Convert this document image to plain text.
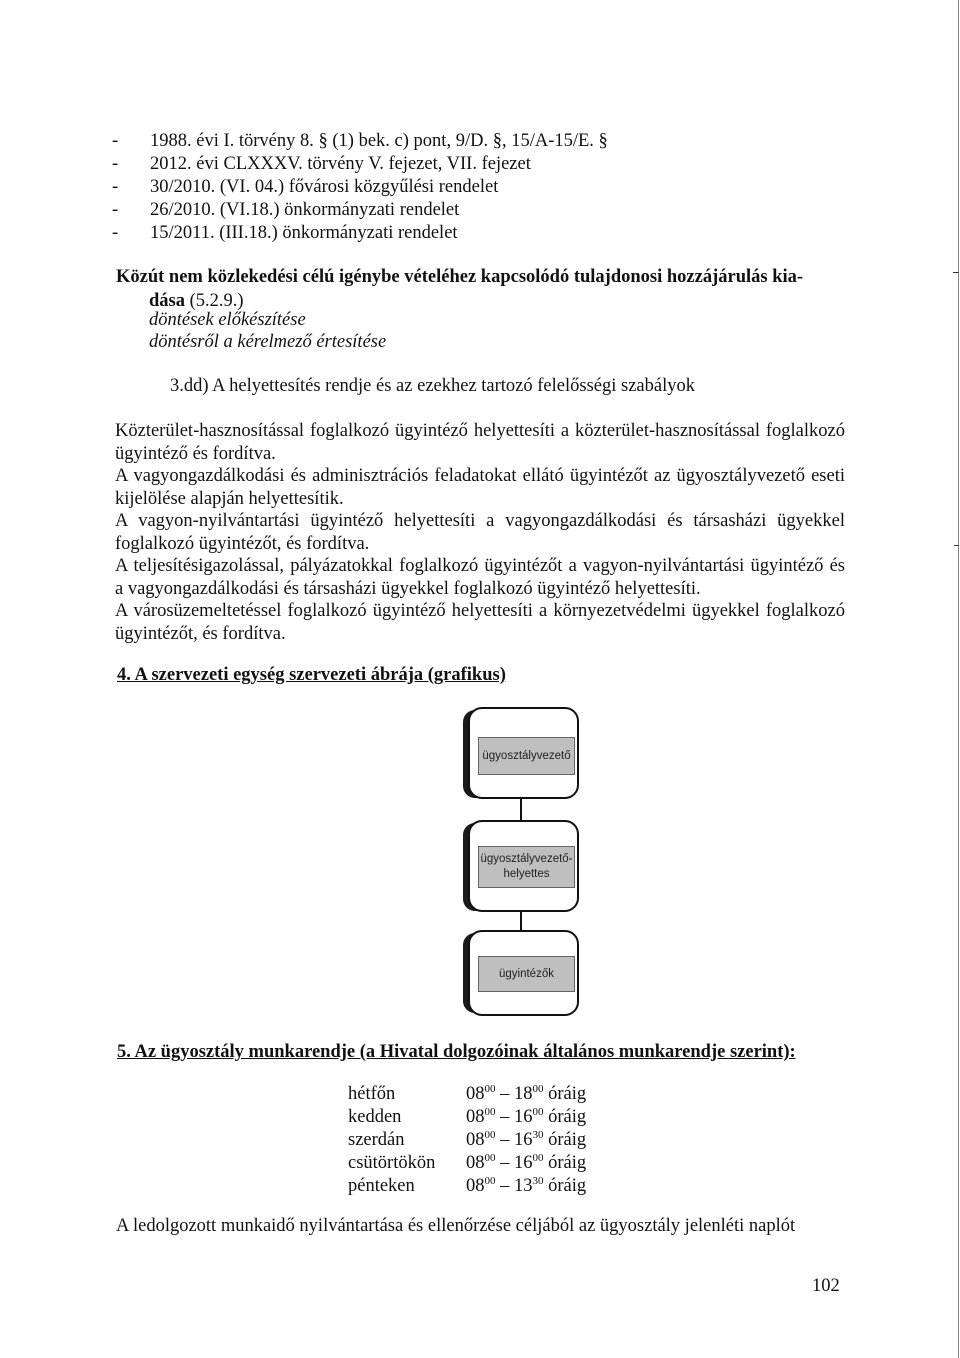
- 1988. évi I. törvény 8. § (1) bek. c) pont, 9/D. §, 15/A-15/E. §
- 2012. évi CLXXXV. törvény V. fejezet, VII. fejezet
- 30/2010. (VI. 04.) fővárosi közgyűlési rendelet
- 26/2010. (VI.18.) önkormányzati rendelet
- 15/2011. (III.18.) önkormányzati rendelet
Közút nem közlekedési célú igénybe vételéhez kapcsolódó tulajdonosi hozzájárulás kia-
dása (5.2.9.)
döntések előkészítése
döntésről a kérelmező értesítése
3.dd) A helyettesítés rendje és az ezekhez tartozó felelősségi szabályok

Közterület-hasznosítással foglalkozó ügyintéző helyettesíti a közterület-hasznosítással foglalkozó ügyintéző és fordítva.

A vagyongazdálkodási és adminisztrációs feladatokat ellátó ügyintézőt az ügyosztályvezető eseti kijelölése alapján helyettesítik.

A vagyon-nyilvántartási ügyintéző helyettesíti a vagyongazdálkodási és társasházi ügyekkel foglalkozó ügyintézőt, és fordítva.

A teljesítésigazolással, pályázatokkal foglalkozó ügyintézőt a vagyon-nyilvántartási ügyintéző és a vagyongazdálkodási és társasházi ügyekkel foglalkozó ügyintéző helyettesíti.

A városüzemeltetéssel foglalkozó ügyintéző helyettesíti a környezetvédelmi ügyekkel foglalkozó ügyintézőt, és fordítva.

4. A szervezeti egység szervezeti ábrája (grafikus)
ügyosztályvezető
ügyosztályvezető-
helyettes
ügyintézők
5. Az ügyosztály munkarendje (a Hivatal dolgozóinak általános munkarendje szerint):
hétfőn	$08^{00} - 18^{00}$ óráig
kedden	$08^{00} - 16^{00}$ óráig
szerdán	$08^{00} - 16^{30}$ óráig
csütörtökön	$08^{00} - 16^{00}$ óráig
pénteken	$08^{00} - 13^{30}$ óráig
A ledolgozott munkaidő nyilvántartása és ellenőrzése céljából az ügyosztály jelenléti naplót
102
